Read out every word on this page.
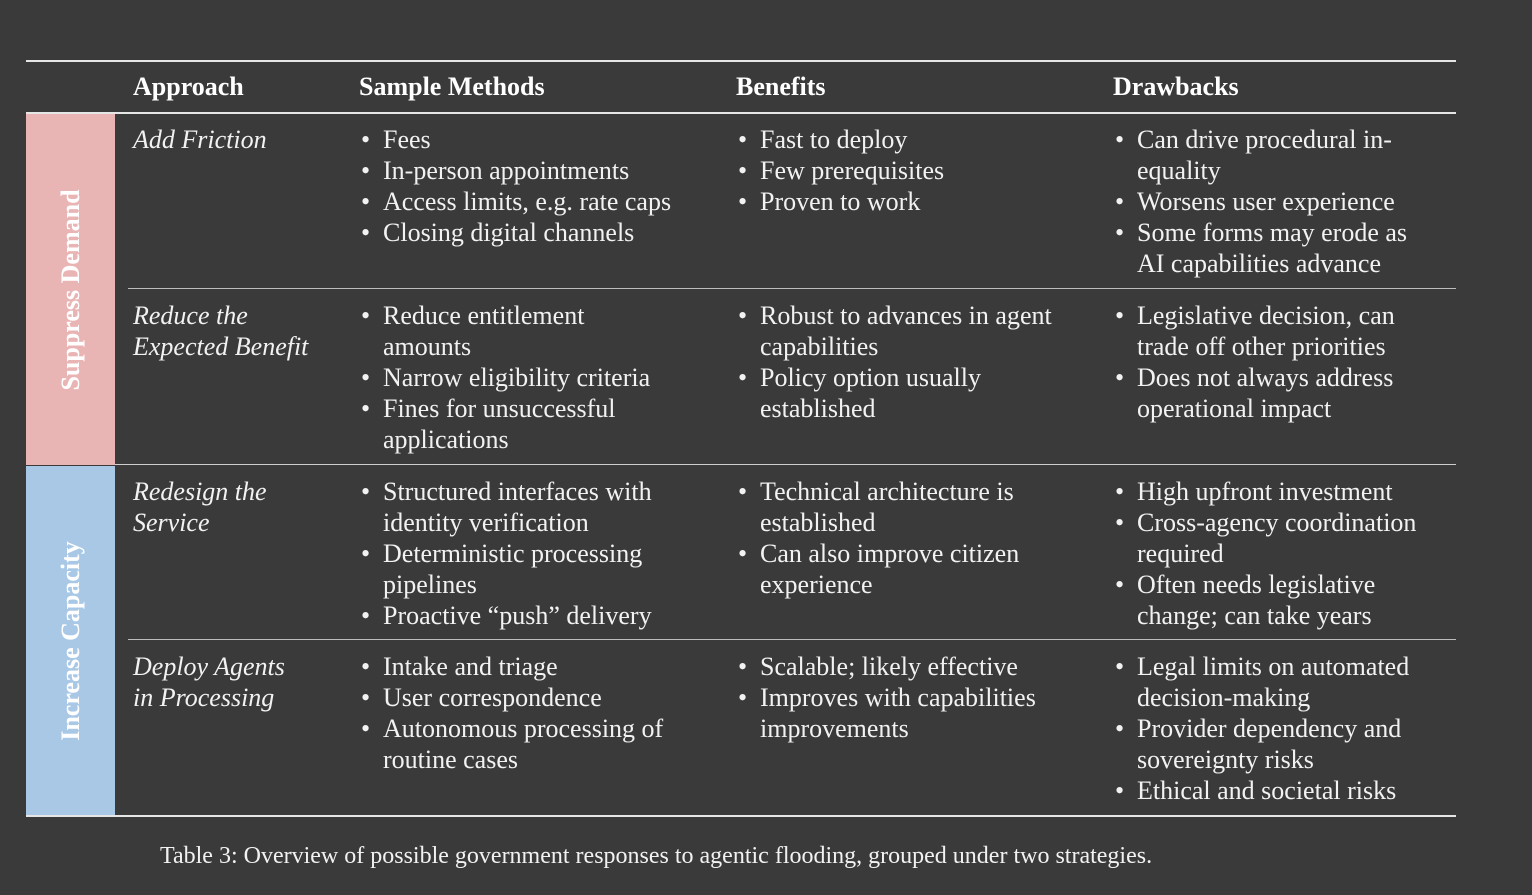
Suppress Demand
Increase Capacity
Approach	Sample Methods	Benefits	Drawbacks
Add Friction
•	Fees
• In-person appointments
• Access limits, e.g. rate caps
• Closing digital channels
• Fast to deploy
• Few prerequisites
• Proven to work
• Can drive procedural in-
equality
• Worsens user experience
• Some forms may erode as
AI capabilities advance
Reduce the
Expected Benefit
• Reduce entitlement
amounts
• Narrow eligibility criteria
• Fines for unsuccessful
applications
• Robust to advances in agent
capabilities
• Policy option usually
established
• Legislative decision, can
trade off other priorities
• Does not always address
operational impact
Redesign the
Service
• Structured interfaces with
identity verification
• Deterministic processing
pipelines
• Proactive “push” delivery
• Technical architecture is
established
• Can also improve citizen
experience
• High upfront investment
• Cross-agency coordination
required
• Often needs legislative
change; can take years
Deploy Agents
in Processing
• Intake and triage
• User correspondence
• Autonomous processing of
routine cases
• Scalable; likely effective
• Improves with capabilities
improvements
• Legal limits on automated
decision-making
• Provider dependency and
sovereignty risks
• Ethical and societal risks
Table 3: Overview of possible government responses to agentic flooding, grouped under two strategies.
